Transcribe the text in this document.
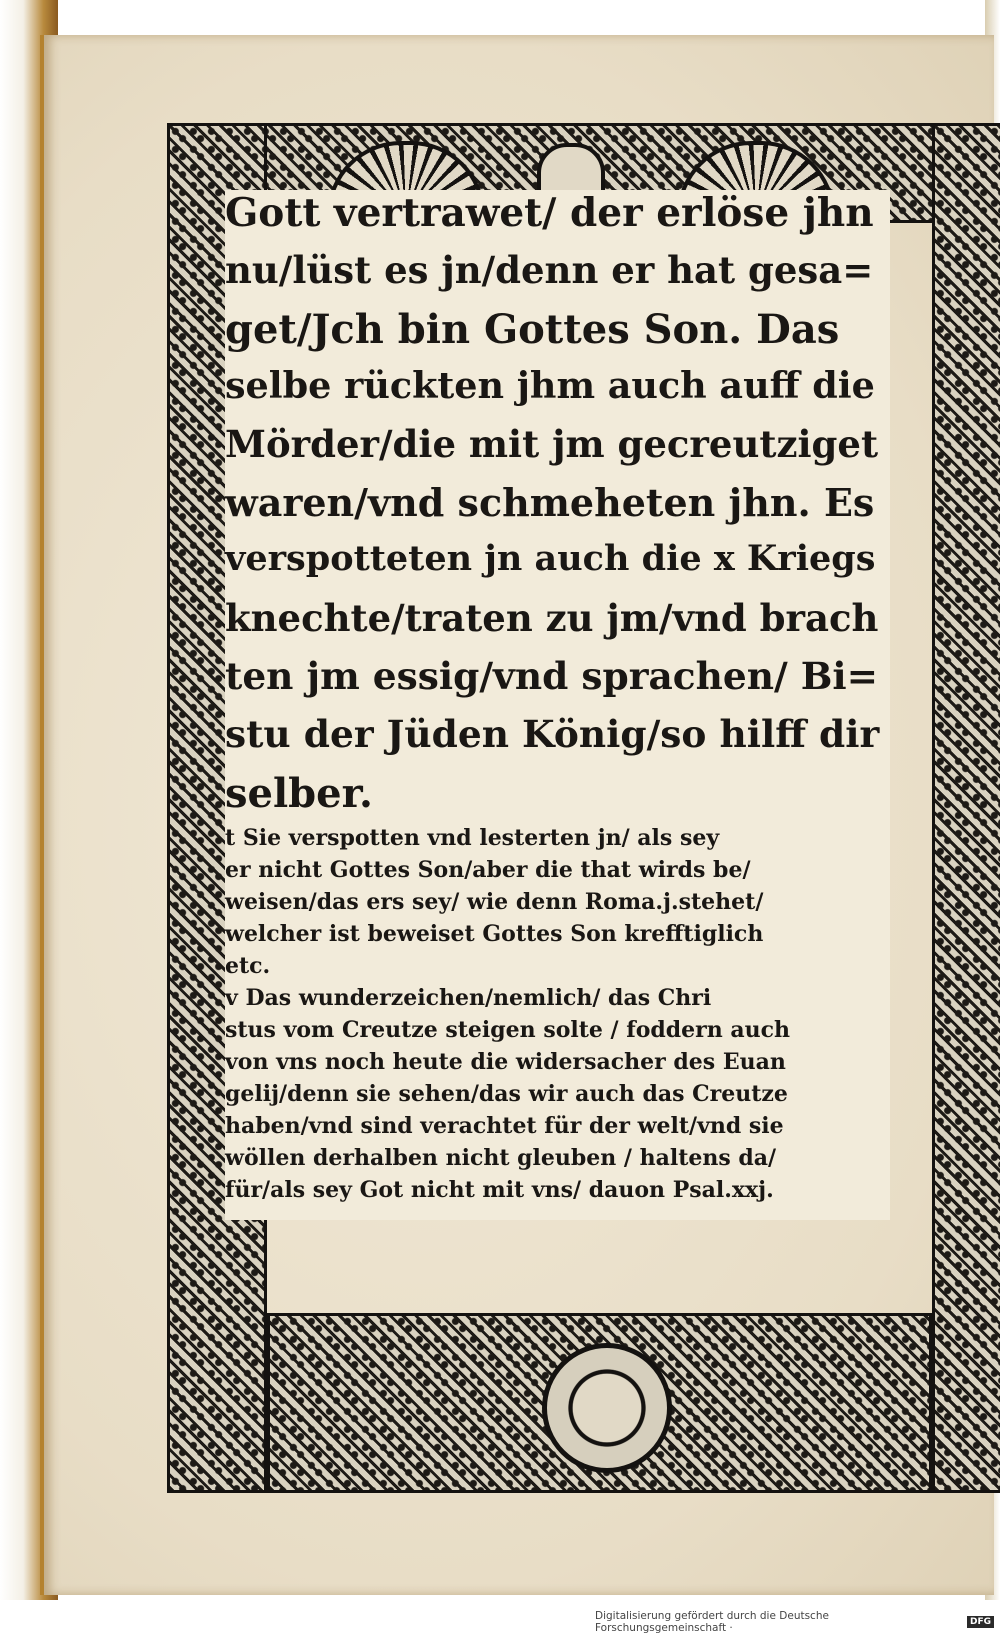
Gott vertrawet/ der erlöse jhn
nu/lüst es jn/denn er hat gesa=
get/Jch bin Gottes Son. Das
selbe rückten jhm auch auff die
Mörder/die mit jm gecreutziget
waren/vnd schmeheten jhn. Es
verspotteten jn auch die x Kriegs
knechte/traten zu jm/vnd brach
ten jm essig/vnd sprachen/ Bi=
stu der Jüden König/so hilff dir
selber.
t Sie verspotten vnd lesterten jn/ als sey
er nicht Gottes Son/aber die that wirds be/
weisen/das ers sey/ wie denn Roma.j.stehet/
welcher ist beweiset Gottes Son krefftiglich
etc.
v Das wunderzeichen/nemlich/ das Chri
stus vom Creutze steigen solte / foddern auch
von vns noch heute die widersacher des Euan
gelij/denn sie sehen/das wir auch das Creutze
haben/vnd sind verachtet für der welt/vnd sie
wöllen derhalben nicht gleuben / haltens da/
für/als sey Got nicht mit vns/ dauon Psal.xxj.
Digitalisierung gefördert durch die Deutsche Forschungsgemeinschaft ·	DFG
